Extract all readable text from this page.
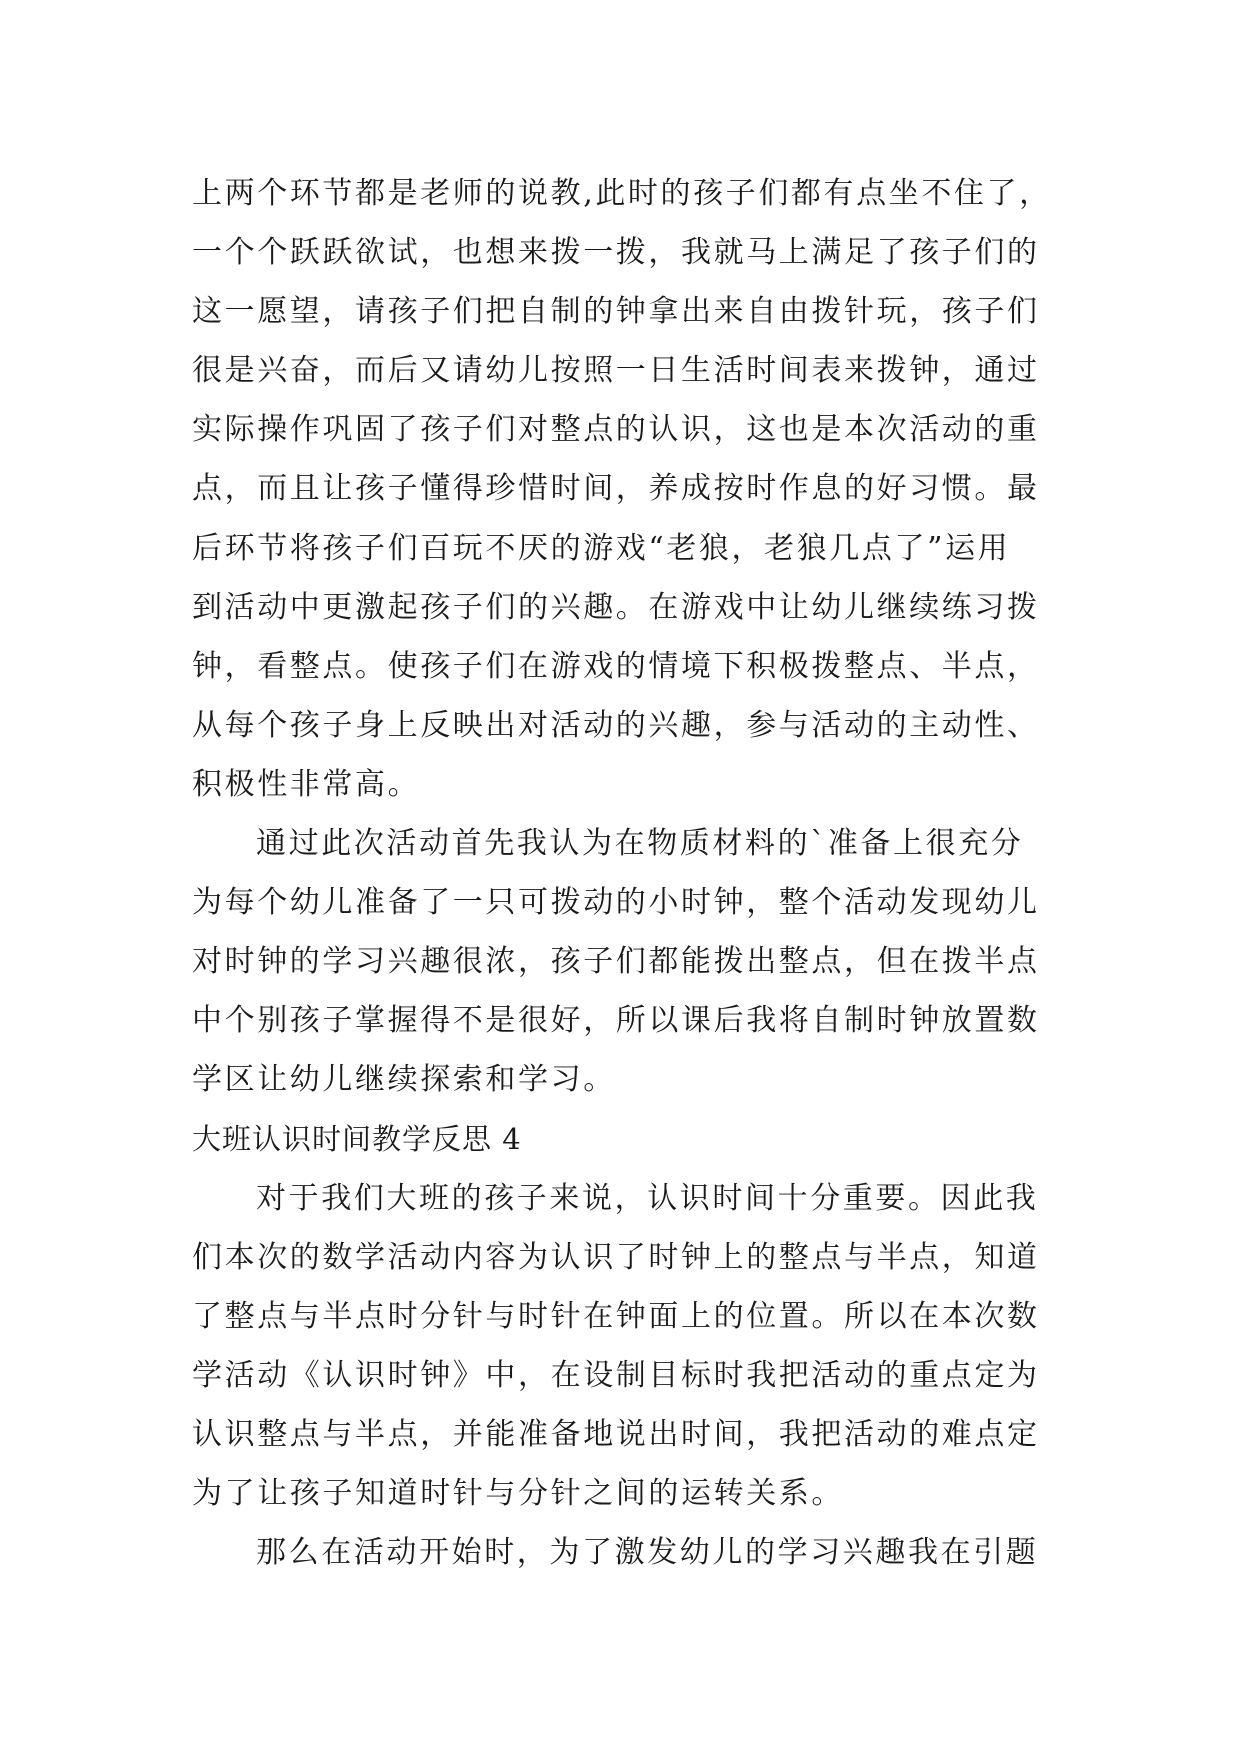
上两个环节都是老师的说教,此时的孩子们都有点坐不住了，
一个个跃跃欲试，也想来拨一拨，我就马上满足了孩子们的
这一愿望，请孩子们把自制的钟拿出来自由拨针玩，孩子们
很是兴奋，而后又请幼儿按照一日生活时间表来拨钟，通过
实际操作巩固了孩子们对整点的认识，这也是本次活动的重
点，而且让孩子懂得珍惜时间，养成按时作息的好习惯。最
后环节将孩子们百玩不厌的游戏“老狼，老狼几点了”运用
到活动中更激起孩子们的兴趣。在游戏中让幼儿继续练习拨
钟，看整点。使孩子们在游戏的情境下积极拨整点、半点，
从每个孩子身上反映出对活动的兴趣，参与活动的主动性、
积极性非常高。
通过此次活动首先我认为在物质材料的`准备上很充分
为每个幼儿准备了一只可拨动的小时钟，整个活动发现幼儿
对时钟的学习兴趣很浓，孩子们都能拨出整点，但在拨半点
中个别孩子掌握得不是很好，所以课后我将自制时钟放置数
学区让幼儿继续探索和学习。
大班认识时间教学反思 4
对于我们大班的孩子来说，认识时间十分重要。因此我
们本次的数学活动内容为认识了时钟上的整点与半点，知道
了整点与半点时分针与时针在钟面上的位置。所以在本次数
学活动《认识时钟》中，在设制目标时我把活动的重点定为
认识整点与半点，并能准备地说出时间，我把活动的难点定
为了让孩子知道时针与分针之间的运转关系。
那么在活动开始时，为了激发幼儿的学习兴趣我在引题
